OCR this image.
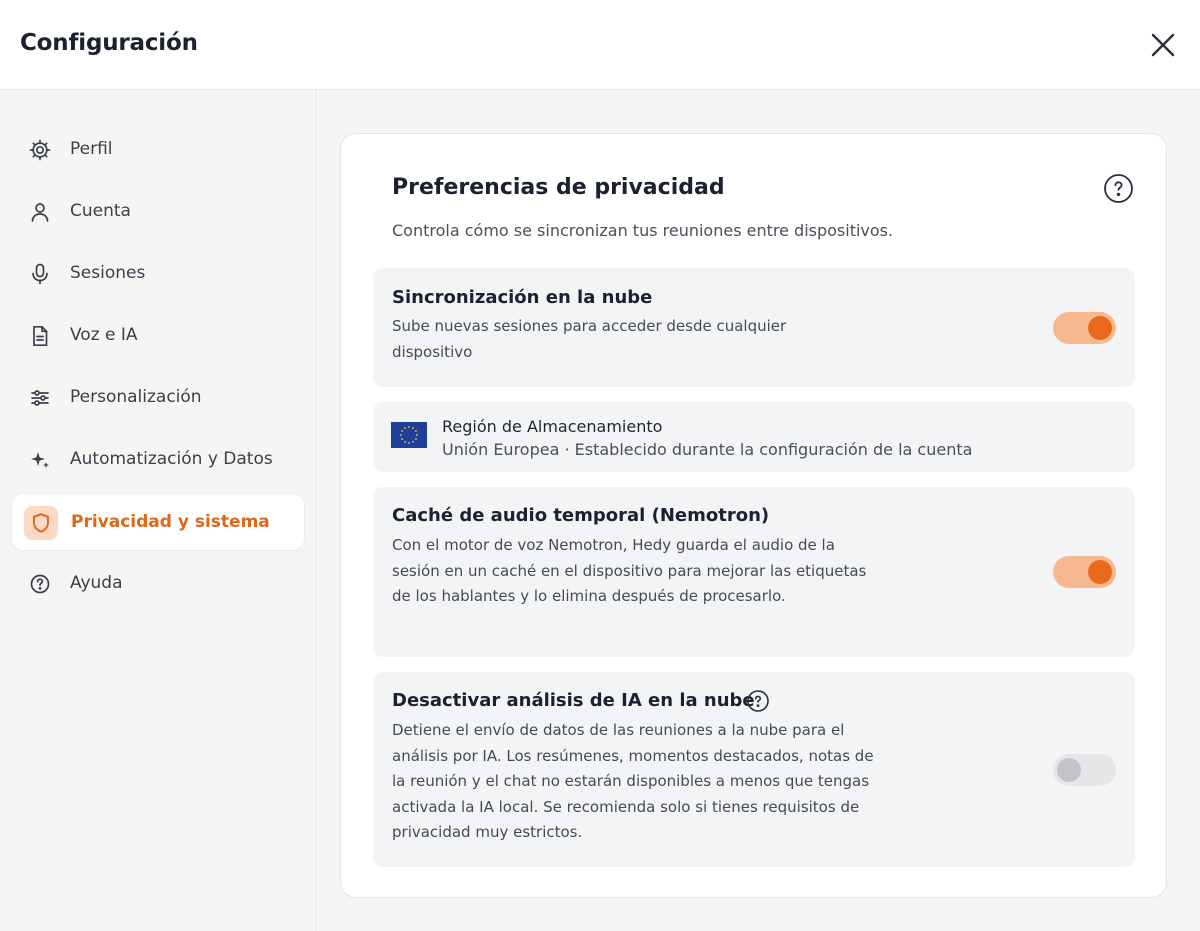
Configuración
Perfil
Cuenta
Sesiones
Voz e IA
Personalización
Automatización y Datos
Privacidad y sistema
Ayuda
Preferencias de privacidad
Controla cómo se sincronizan tus reuniones entre dispositivos.
Sincronización en la nube
Sube nuevas sesiones para acceder desde cualquier dispositivo
Región de Almacenamiento
Unión Europea · Establecido durante la configuración de la cuenta
Caché de audio temporal (Nemotron)
Con el motor de voz Nemotron, Hedy guarda el audio de la sesión en un caché en el dispositivo para mejorar las etiquetas de los hablantes y lo elimina después de procesarlo.
Desactivar análisis de IA en la nube
Detiene el envío de datos de las reuniones a la nube para el análisis por IA. Los resúmenes, momentos destacados, notas de la reunión y el chat no estarán disponibles a menos que tengas activada la IA local. Se recomienda solo si tienes requisitos de privacidad muy estrictos.
